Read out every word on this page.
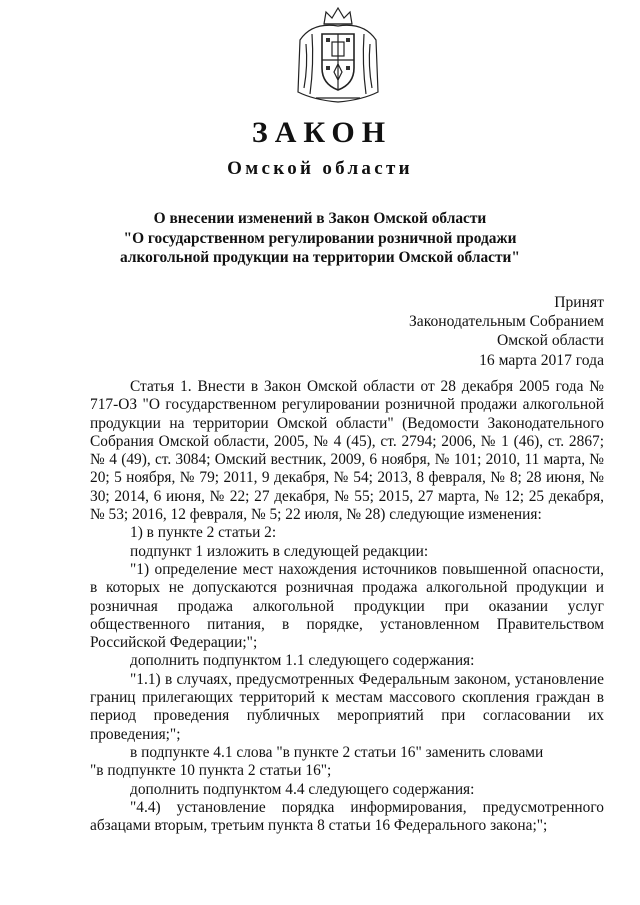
ЗАКОН
Омской области
О внесении изменений в Закон Омской области
"О государственном регулировании розничной продажи
алкогольной продукции на территории Омской области"
Принят
Законодательным Собранием
Омской области
16 марта 2017 года

Статья 1. Внести в Закон Омской области от 28 декабря 2005 года № 717-ОЗ "О государственном регулировании розничной продажи алкогольной продукции на территории Омской области" (Ведомости Законодательного Собрания Омской области, 2005, № 4 (45), ст. 2794; 2006, № 1 (46), ст. 2867; № 4 (49), ст. 3084; Омский вестник, 2009, 6 ноября, № 101; 2010, 11 марта, № 20; 5 ноября, № 79; 2011, 9 декабря, № 54; 2013, 8 февраля, № 8; 28 июня, № 30; 2014, 6 июня, № 22; 27 декабря, № 55; 2015, 27 марта, № 12; 25 декабря, № 53; 2016, 12 февраля, № 5; 22 июля, № 28) следующие изменения:

1) в пункте 2 статьи 2:

подпункт 1 изложить в следующей редакции:

"1) определение мест нахождения источников повышенной опасности, в которых не допускаются розничная продажа алкогольной продукции и розничная продажа алкогольной продукции при оказании услуг общественного питания, в порядке, установленном Правительством Российской Федерации;";

дополнить подпунктом 1.1 следующего содержания:

"1.1) в случаях, предусмотренных Федеральным законом, установление границ прилегающих территорий к местам массового скопления граждан в период проведения публичных мероприятий при согласовании их проведения;";

в подпункте 4.1 слова "в пункте 2 статьи 16" заменить словами

"в подпункте 10 пункта 2 статьи 16";

дополнить подпунктом 4.4 следующего содержания:

"4.4) установление порядка информирования, предусмотренного абзацами вторым, третьим пункта 8 статьи 16 Федерального закона;";
